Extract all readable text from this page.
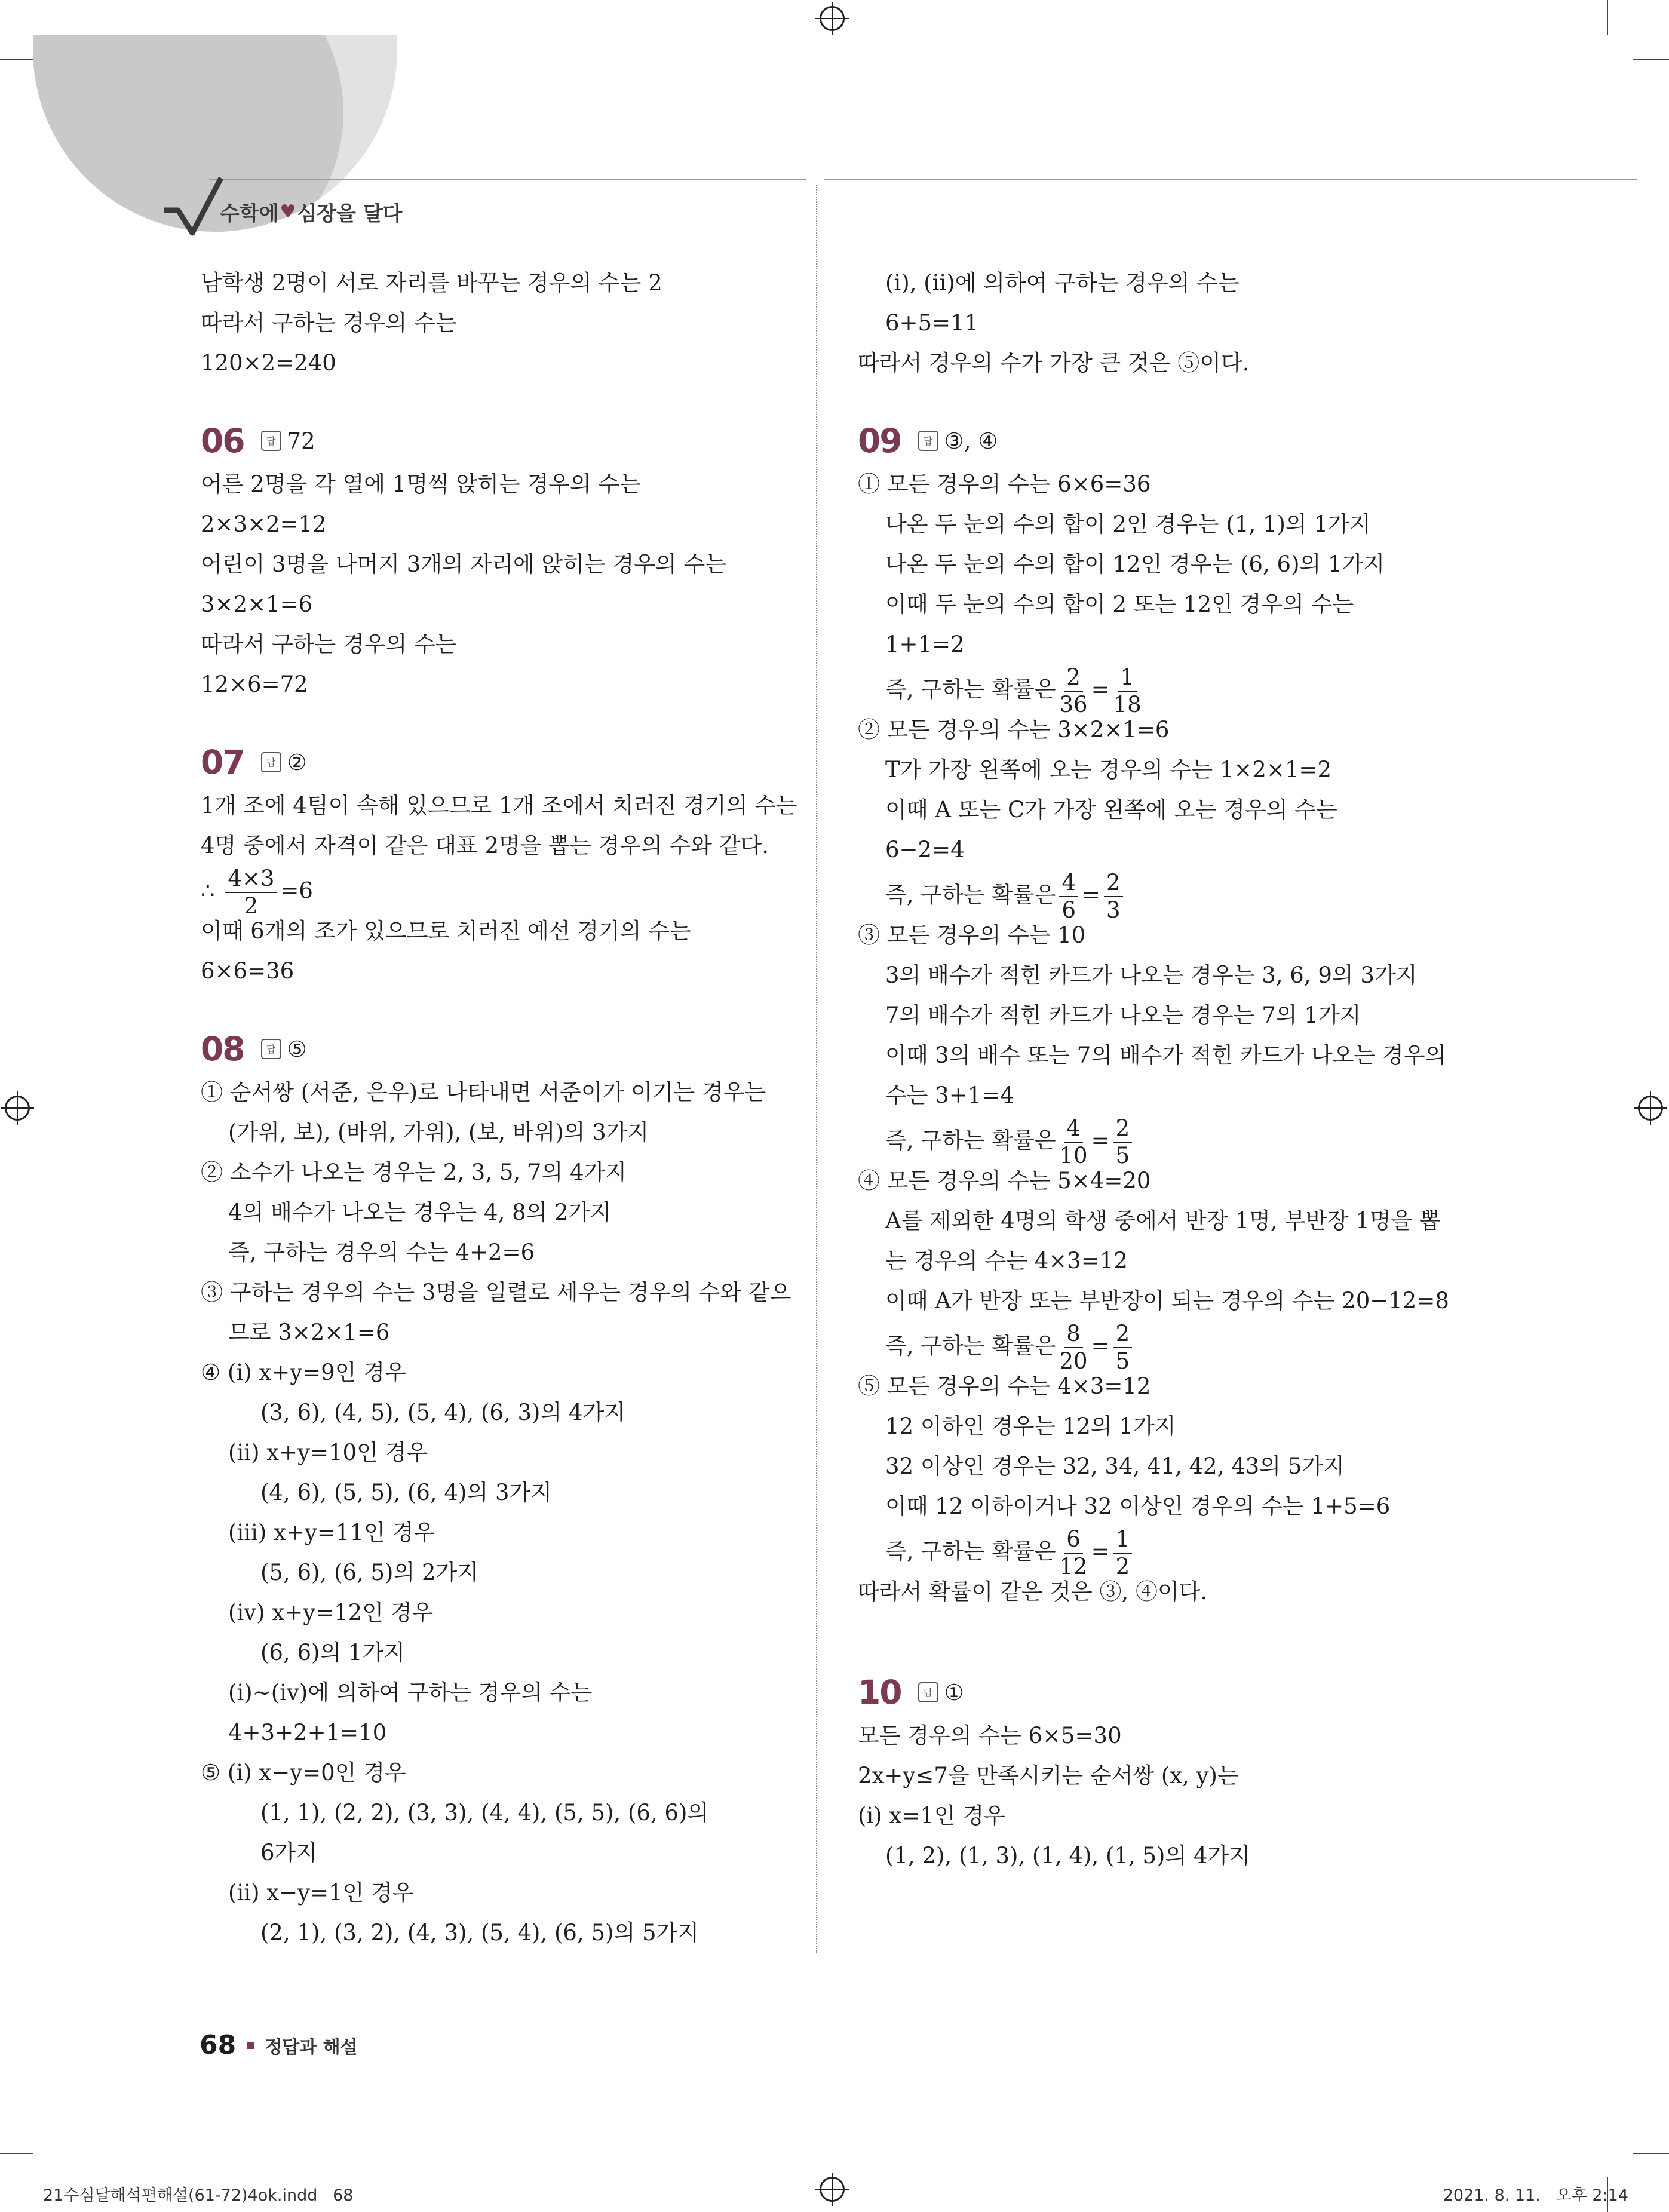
수학에 ♥ 심 장을 달다
남학생 2명이 서로 자리를 바꾸는 경우의 수는 2
따라서 구하는 경우의 수는
120×2=240
06	답 72
어른 2명을 각 열에 1명씩 앉히는 경우의 수는
2×3×2=12
어린이 3명을 나머지 3개의 자리에 앉히는 경우의 수는
3×2×1=6
따라서 구하는 경우의 수는
12×6=72
07	답 ②
1개 조에 4팀이 속해 있으므로 1개 조에서 치러진 경기의 수는
4명 중에서 자격이 같은 대표 2명을 뽑는 경우의 수와 같다.
∴ $\frac{4\times 3}{2} =6$
이때 6개의 조가 있으므로 치러진 예선 경기의 수는
6×6=36
08	답 ⑤
① 순서쌍 (서준, 은우)로 나타내면 서준이가 이기는 경우는
(가위, 보), (바위, 가위), (보, 바위)의 3가지
② 소수가 나오는 경우는 2, 3, 5, 7의 4가지
4의 배수가 나오는 경우는 4, 8의 2가지
즉, 구하는 경우의 수는 4+2=6
③ 구하는 경우의 수는 3명을 일렬로 세우는 경우의 수와 같으
므로 3×2×1=6
④ (ⅰ) x+y=9인 경우
(3, 6), (4, 5), (5, 4), (6, 3)의 4가지
(ⅱ) x+y=10인 경우
(4, 6), (5, 5), (6, 4)의 3가지
(ⅲ) x+y=11인 경우
(5, 6), (6, 5)의 2가지
(ⅳ) x+y=12인 경우
(6, 6)의 1가지
(ⅰ)~(ⅳ)에 의하여 구하는 경우의 수는
4+3+2+1=10
⑤ (ⅰ) x−y=0인 경우
(1, 1), (2, 2), (3, 3), (4, 4), (5, 5), (6, 6)의
6가지
(ⅱ) x−y=1인 경우
(2, 1), (3, 2), (4, 3), (5, 4), (6, 5)의 5가지
(ⅰ), (ⅱ)에 의하여 구하는 경우의 수는
6+5=11
따라서 경우의 수가 가장 큰 것은 ⑤이다.
09	답 ③, ④
① 모든 경우의 수는 6×6=36
나온 두 눈의 수의 합이 2인 경우는 (1, 1)의 1가지
나온 두 눈의 수의 합이 12인 경우는 (6, 6)의 1가지
이때 두 눈의 수의 합이 2 또는 12인 경우의 수는
1+1=2
즉, 구하는 확률은 $\frac{2}{36} = \frac{1}{18}$
② 모든 경우의 수는 3×2×1=6
T가 가장 왼쪽에 오는 경우의 수는 1×2×1=2
이때 A 또는 C가 가장 왼쪽에 오는 경우의 수는
6−2=4
즉, 구하는 확률은 $\frac{4}{6} = \frac{2}{3}$
③ 모든 경우의 수는 10
3의 배수가 적힌 카드가 나오는 경우는 3, 6, 9의 3가지
7의 배수가 적힌 카드가 나오는 경우는 7의 1가지
이때 3의 배수 또는 7의 배수가 적힌 카드가 나오는 경우의
수는 3+1=4
즉, 구하는 확률은 $\frac{4}{10} = \frac{2}{5}$
④ 모든 경우의 수는 5×4=20
A를 제외한 4명의 학생 중에서 반장 1명, 부반장 1명을 뽑
는 경우의 수는 4×3=12
이때 A가 반장 또는 부반장이 되는 경우의 수는 20−12=8
즉, 구하는 확률은 $\frac{8}{20} = \frac{2}{5}$
⑤ 모든 경우의 수는 4×3=12
12 이하인 경우는 12의 1가지
32 이상인 경우는 32, 34, 41, 42, 43의 5가지
이때 12 이하이거나 32 이상인 경우의 수는 1+5=6
즉, 구하는 확률은 $\frac{6}{12} = \frac{1}{2}$
따라서 확률이 같은 것은 ③, ④이다.
10	답 ①
모든 경우의 수는 6×5=30
2x+y≤7을 만족시키는 순서쌍 (x, y)는
(ⅰ) x=1인 경우
(1, 2), (1, 3), (1, 4), (1, 5)의 4가지
68 정답과 해설
21수심달해석편해설(61-72)4ok.indd   68	2021. 8. 11.   오후 2:14
